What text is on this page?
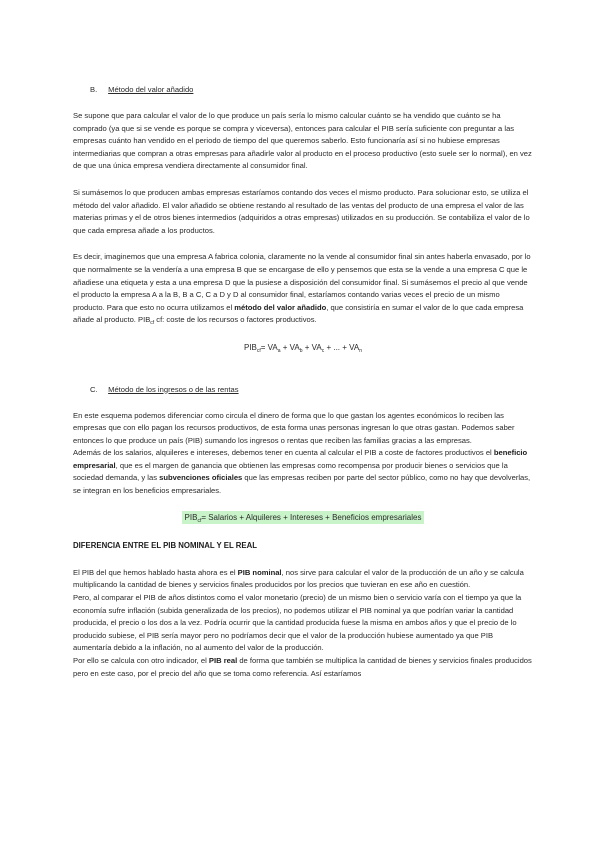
B. Método del valor añadido

Se supone que para calcular el valor de lo que produce un país sería lo mismo calcular cuánto se ha vendido que cuánto se ha comprado (ya que si se vende es porque se compra y viceversa), entonces para calcular el PIB sería suficiente con preguntar a las empresas cuánto han vendido en el periodo de tiempo del que queremos saberlo. Esto funcionaría así si no hubiese empresas intermediarias que compran a otras empresas para añadirle valor al producto en el proceso productivo (esto suele ser lo normal), en vez de que una única empresa vendiera directamente al consumidor final.

Si sumásemos lo que producen ambas empresas estaríamos contando dos veces el mismo producto. Para solucionar esto, se utiliza el método del valor añadido. El valor añadido se obtiene restando al resultado de las ventas del producto de una empresa el valor de las materias primas y el de otros bienes intermedios (adquiridos a otras empresas) utilizados en su producción. Se contabiliza el valor de lo que cada empresa añade a los productos.

Es decir, imaginemos que una empresa A fabrica colonia, claramente no la vende al consumidor final sin antes haberla envasado, por lo que normalmente se la vendería a una empresa B que se encargase de ello y pensemos que esta se la vende a una empresa C que le añadiese una etiqueta y esta a una empresa D que la pusiese a disposición del consumidor final. Si sumásemos el precio al que vende el producto la empresa A a la B, B a C, C a D y D al consumidor final, estaríamos contando varias veces el precio de un mismo producto. Para que esto no ocurra utilizamos el método del valor añadido, que consistiría en sumar el valor de lo que cada empresa añade al producto. $PIB_{cf}$ cf: coste de los recursos o factores productivos.

$PIB_{cf}= VA_a + VA_b + VA_c$ + ... + $VA_n$
C. Método de los ingresos o de las rentas

En este esquema podemos diferenciar como circula el dinero de forma que lo que gastan los agentes económicos lo reciben las empresas que con ello pagan los recursos productivos, de esta forma unas personas ingresan lo que otras gastan. Podemos saber entonces lo que produce un país (PIB) sumando los ingresos o rentas que reciben las familias gracias a las empresas.

Además de los salarios, alquileres e intereses, debemos tener en cuenta al calcular el PIB a coste de factores productivos el beneficio empresarial, que es el margen de ganancia que obtienen las empresas como recompensa por producir bienes o servicios que la sociedad demanda, y las subvenciones oficiales que las empresas reciben por parte del sector público, como no hay que devolverlas, se integran en los beneficios empresariales.

$PIB_{cf}=$ Salarios + Alquileres + Intereses + Beneficios empresariales
DIFERENCIA ENTRE EL PIB NOMINAL Y EL REAL

El PIB del que hemos hablado hasta ahora es el PIB nominal, nos sirve para calcular el valor de la producción de un año y se calcula multiplicando la cantidad de bienes y servicios finales producidos por los precios que tuvieran en ese año en cuestión.

Pero, al comparar el PIB de años distintos como el valor monetario (precio) de un mismo bien o servicio varía con el tiempo ya que la economía sufre inflación (subida generalizada de los precios), no podemos utilizar el PIB nominal ya que podrían variar la cantidad producida, el precio o los dos a la vez. Podría ocurrir que la cantidad producida fuese la misma en ambos años y que el precio de lo producido subiese, el PIB sería mayor pero no podríamos decir que el valor de la producción hubiese aumentado ya que PIB aumentaría debido a la inflación, no al aumento del valor de la producción.

Por ello se calcula con otro indicador, el PIB real de forma que también se multiplica la cantidad de bienes y servicios finales producidos pero en este caso, por el precio del año que se toma como referencia. Así estaríamos
